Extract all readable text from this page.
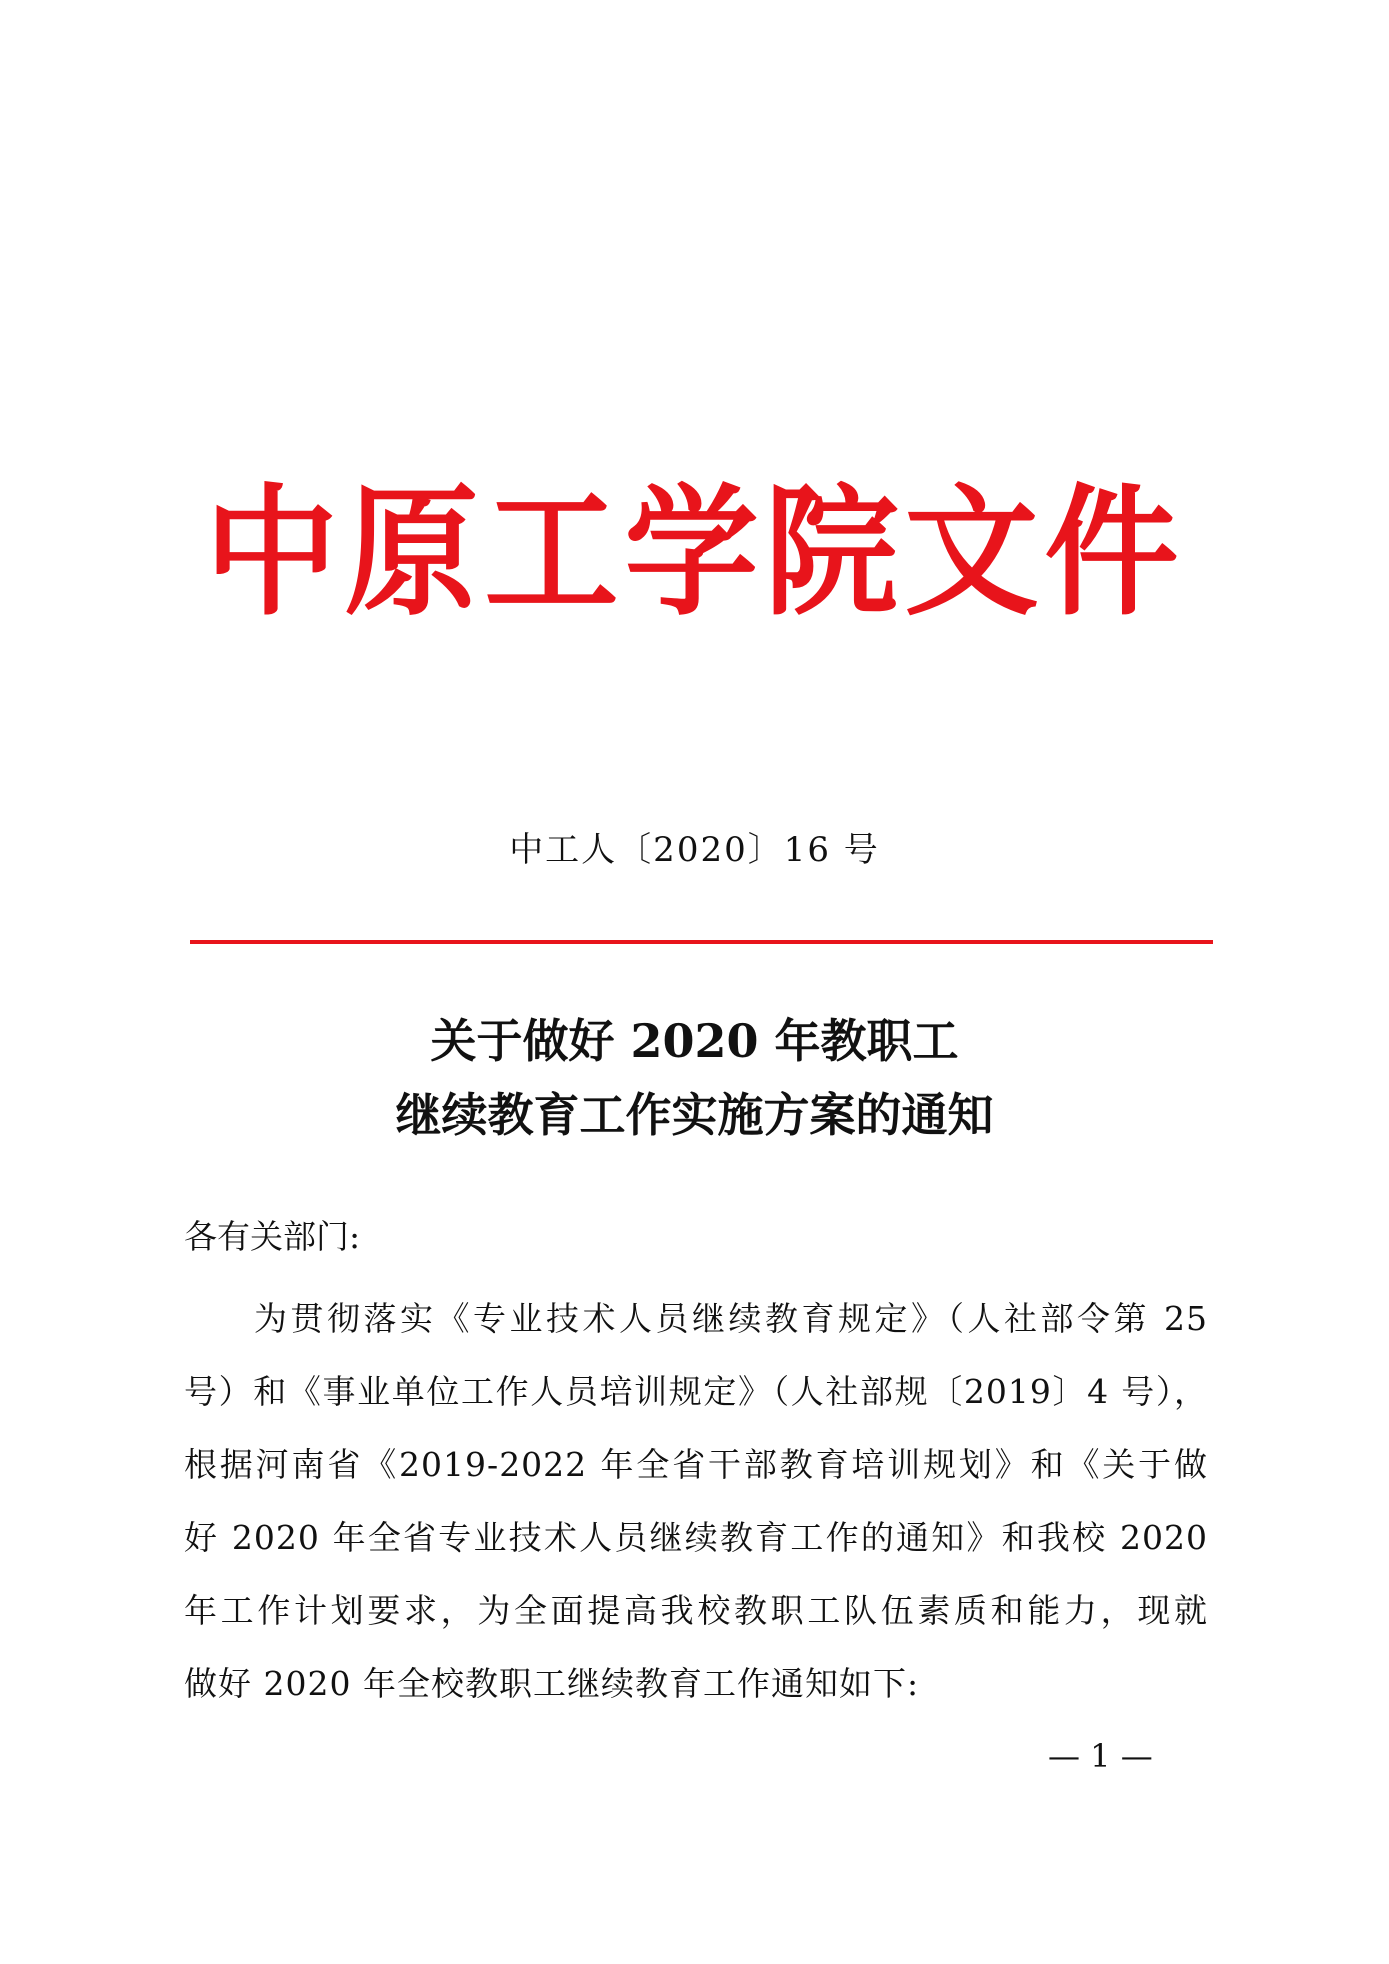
中原工学院文件
中工人〔2020〕16 号
关于做好 2020 年教职工
继续教育工作实施方案的通知
各有关部门:
为贯彻落实《专业技术人员继续教育规定》（人社部令第 25
号）和《事业单位工作人员培训规定》（人社部规〔2019〕4 号），
根据河南省《2019-2022 年全省干部教育培训规划》和《关于做
好 2020 年全省专业技术人员继续教育工作的通知》和我校 2020
年工作计划要求，为全面提高我校教职工队伍素质和能力，现就
做好 2020 年全校教职工继续教育工作通知如下:
— 1 —
